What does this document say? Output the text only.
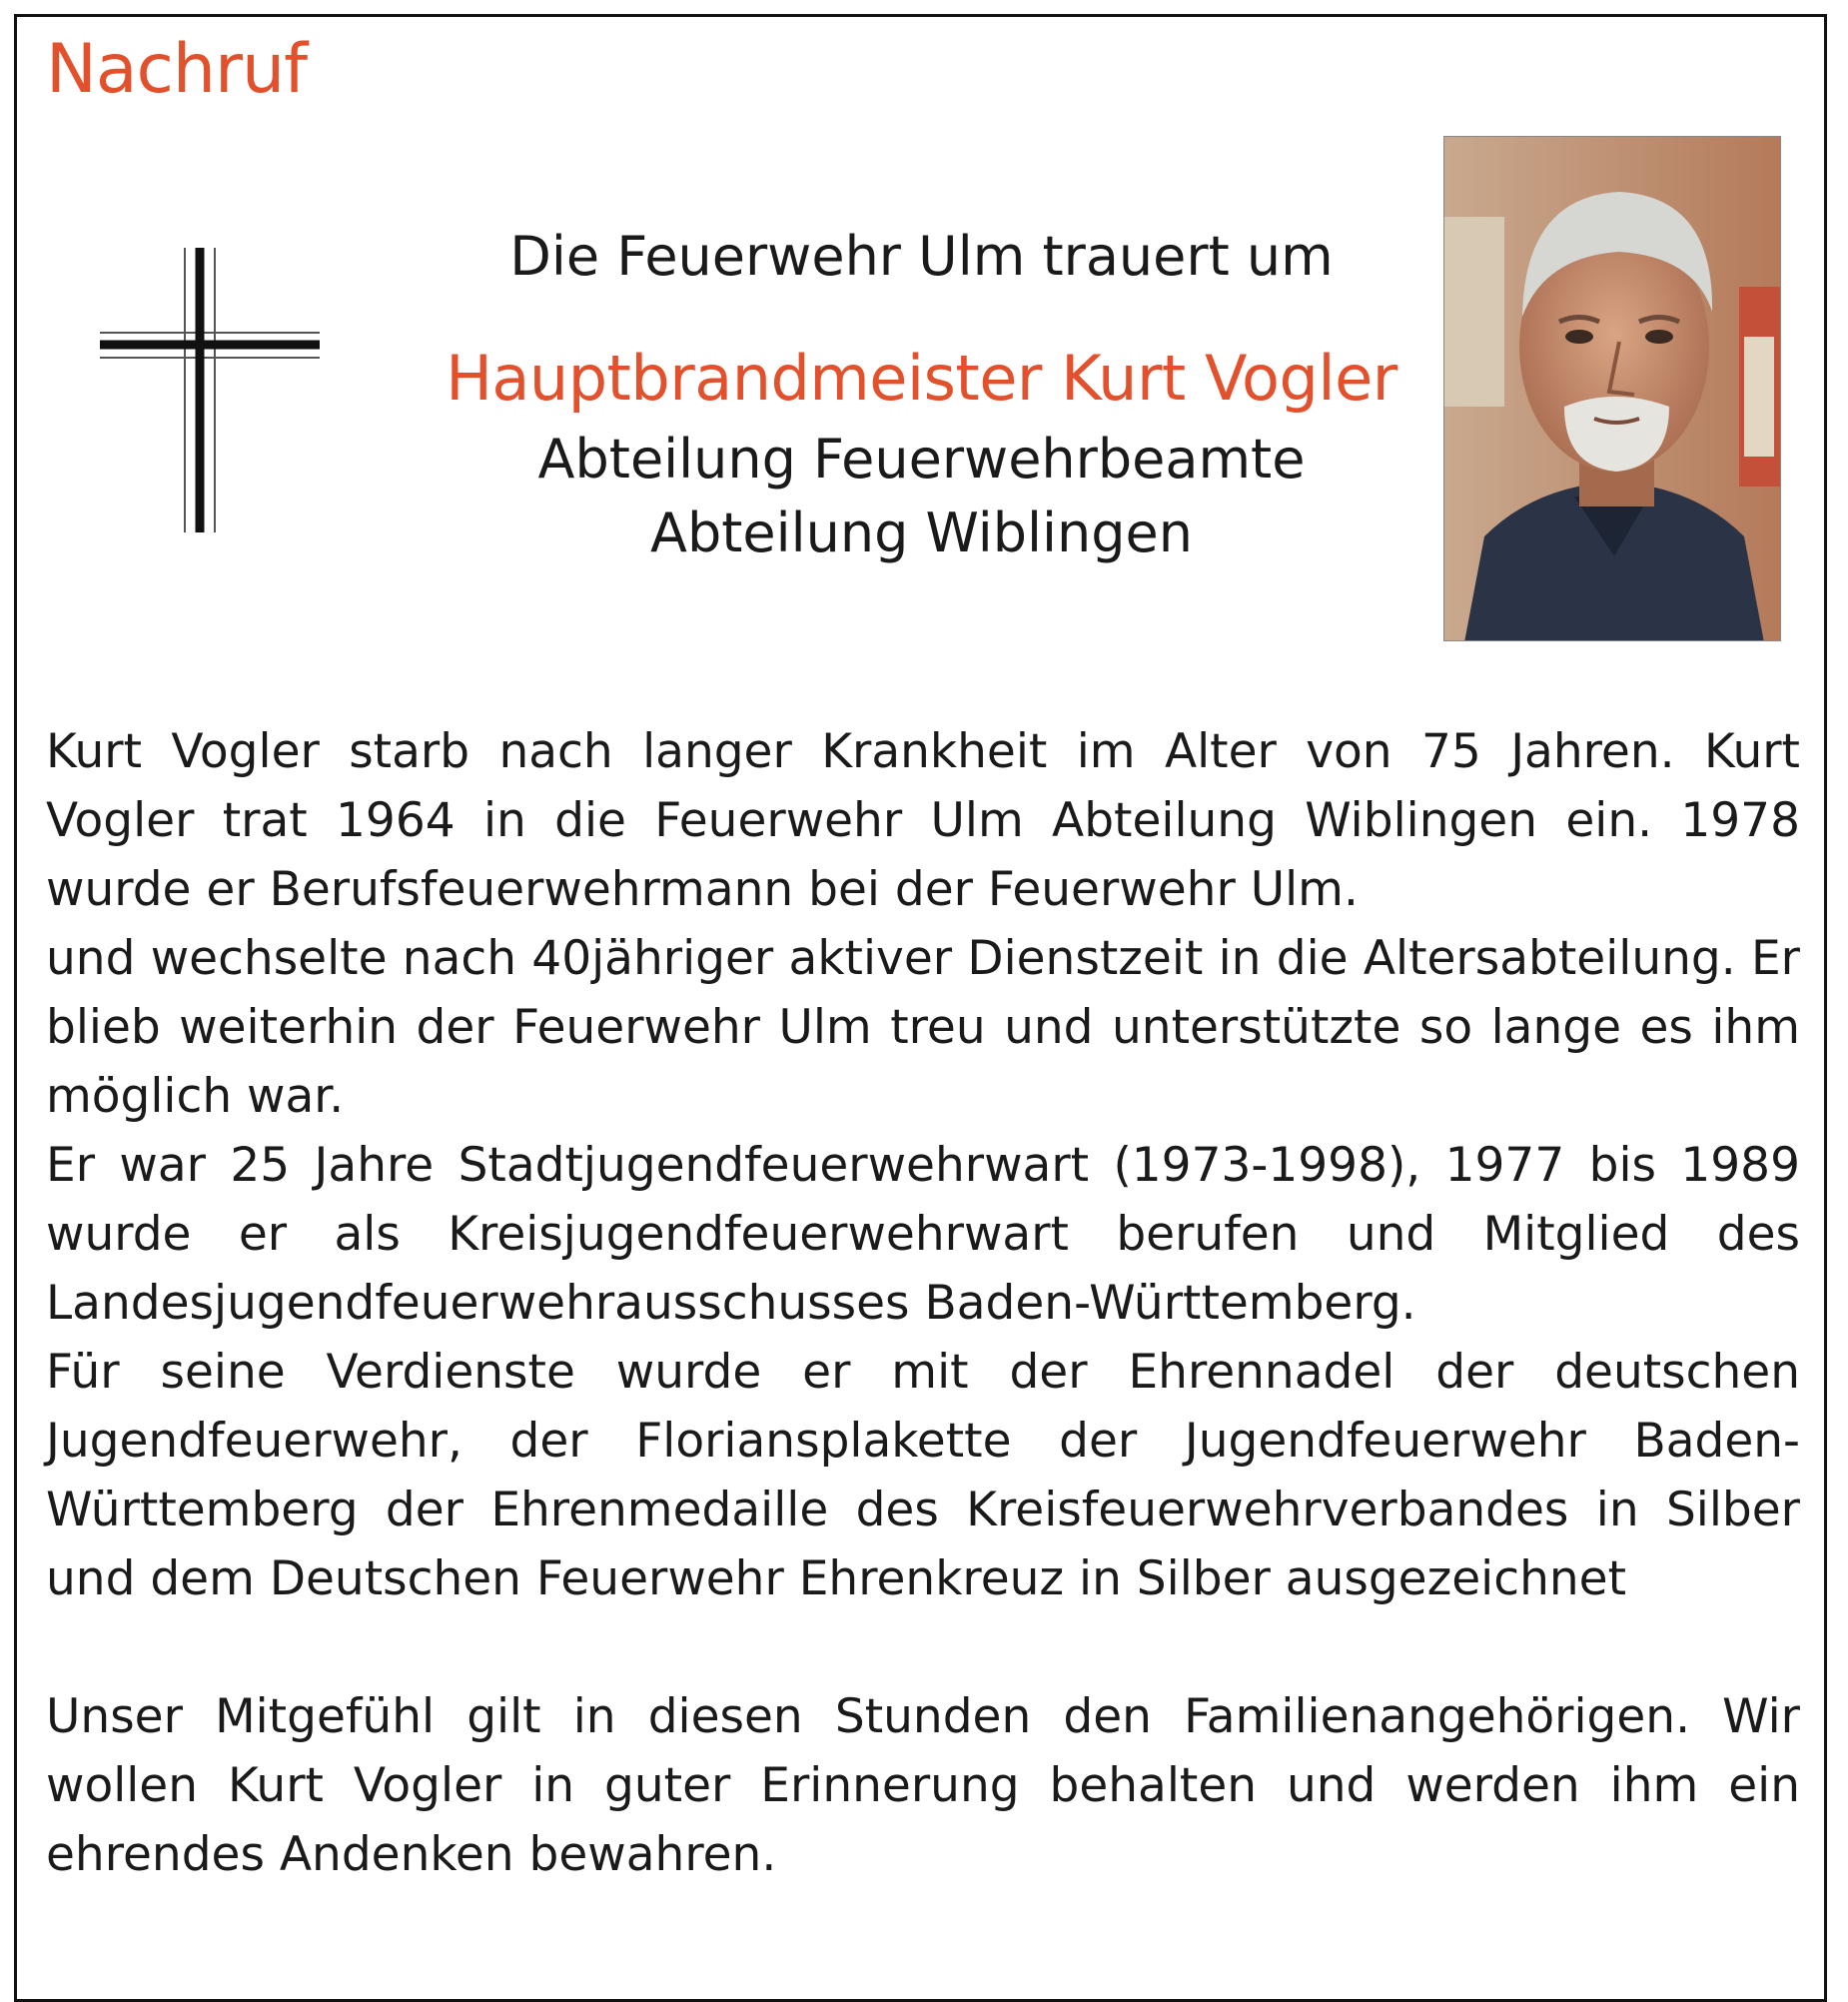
Nachruf
Die Feuerwehr Ulm trauert um
Hauptbrandmeister Kurt Vogler
Abteilung Feuerwehrbeamte
Abteilung Wiblingen

Kurt Vogler starb nach langer Krankheit im Alter von 75 Jahren. Kurt Vogler trat 1964 in die Feuerwehr Ulm Abteilung Wiblingen ein. 1978 wurde er Berufsfeuerwehrmann bei der Feuerwehr Ulm.

und wechselte nach 40jähriger aktiver Dienstzeit in die Altersabteilung. Er blieb weiterhin der Feuerwehr Ulm treu und unterstützte so lange es ihm möglich war.

Er war 25 Jahre Stadtjugendfeuerwehrwart (1973-1998), 1977 bis 1989 wurde er als Kreisjugendfeuerwehrwart berufen und Mitglied des Landesjugendfeuerwehrausschusses Baden-Württemberg.

Für seine Verdienste wurde er mit der Ehrennadel der deutschen Jugendfeuerwehr, der Floriansplakette der Jugendfeuerwehr Baden-Württemberg der Ehrenmedaille des Kreisfeuerwehrverbandes in Silber und dem Deutschen Feuerwehr Ehrenkreuz in Silber ausgezeichnet

Unser Mitgefühl gilt in diesen Stunden den Familienangehörigen. Wir wollen Kurt Vogler in guter Erinnerung behalten und werden ihm ein ehrendes Andenken bewahren.
